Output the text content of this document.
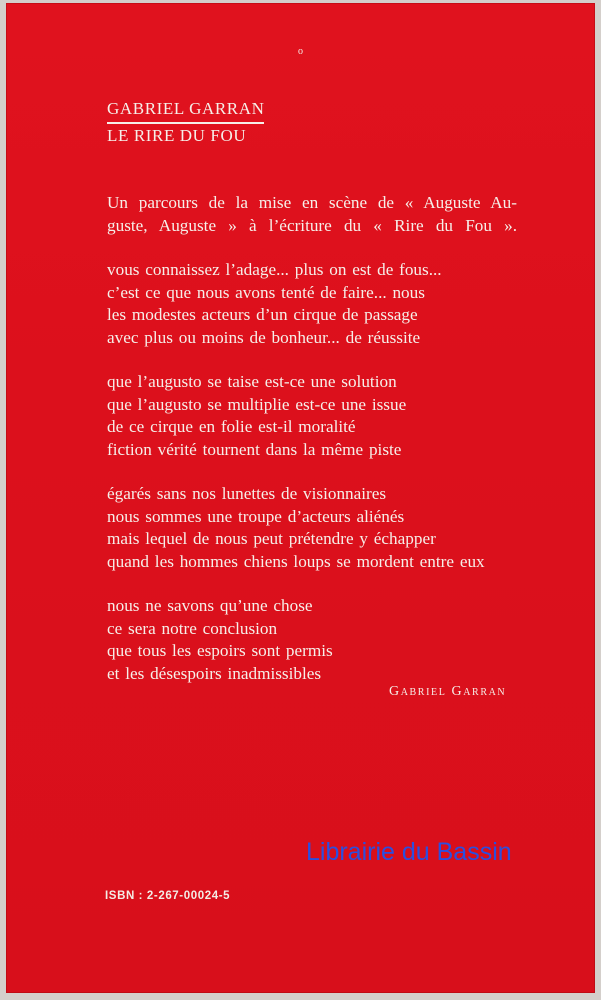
o
GABRIEL GARRAN
LE RIRE DU FOU
Un parcours de la mise en scène de « Auguste Au-
guste, Auguste » à l’écriture du « Rire du Fou ».
vous connaissez l’adage... plus on est de fous...
c’est ce que nous avons tenté de faire... nous
les modestes acteurs d’un cirque de passage
avec plus ou moins de bonheur... de réussite
que l’augusto se taise est-ce une solution
que l’augusto se multiplie est-ce une issue
de ce cirque en folie est-il moralité
fiction vérité tournent dans la même piste
égarés sans nos lunettes de visionnaires
nous sommes une troupe d’acteurs aliénés
mais lequel de nous peut prétendre y échapper
quand les hommes chiens loups se mordent entre eux
nous ne savons qu’une chose
ce sera notre conclusion
que tous les espoirs sont permis
et les désespoirs inadmissibles
Gabriel Garran
Librairie du Bassin
ISBN : 2-267-00024-5
